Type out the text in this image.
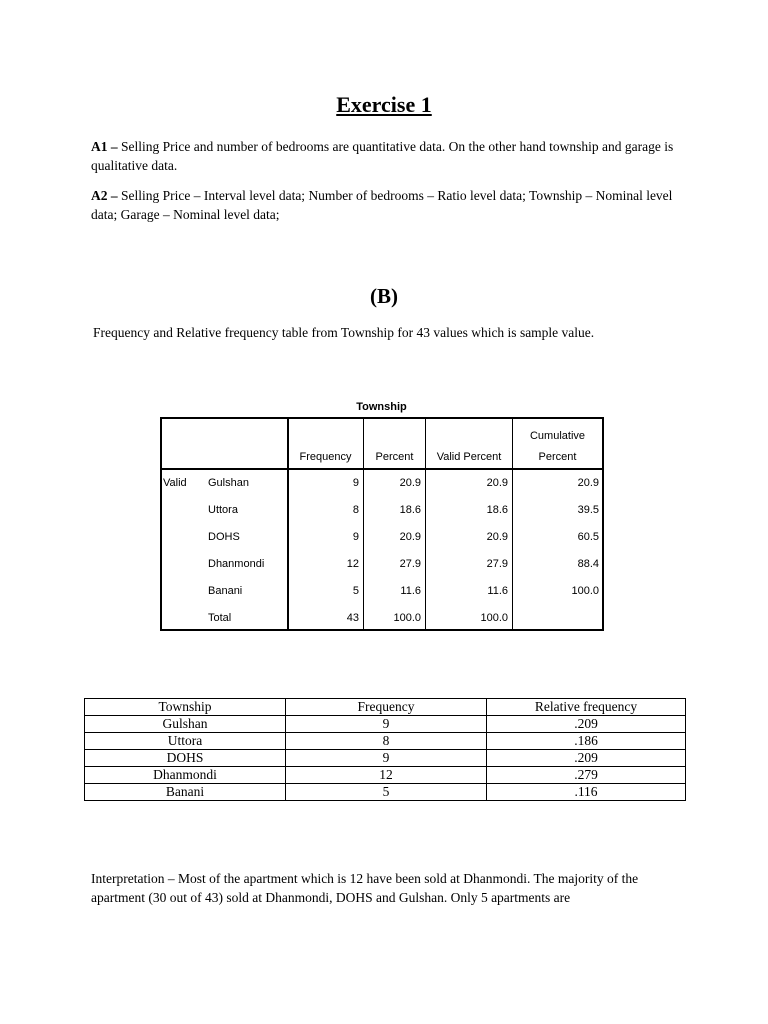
Exercise 1

A1 – Selling Price and number of bedrooms are quantitative data. On the other hand township and garage is qualitative data.

A2 – Selling Price – Interval level data; Number of bedrooms – Ratio level data; Township – Nominal level data; Garage – Nominal level data;

(B)

Frequency and Relative frequency table from Township for 43 values which is sample value.

Township
Frequency	Percent	Valid Percent
Cumulative
Percent
Valid Gulshan	9	20.9	20.9	20.9
Uttora	8	18.6	18.6	39.5
DOHS	9	20.9	20.9	60.5
Dhanmondi	12	27.9	27.9	88.4
Banani	5	11.6	11.6	100.0
Total	43	100.0	100.0
Township	Frequency	Relative frequency
Gulshan	9	.209
Uttora	8	.186
DOHS	9	.209
Dhanmondi	12	.279
Banani	5	.116

Interpretation – Most of the apartment which is 12 have been sold at Dhanmondi. The majority of the apartment (30 out of 43) sold at Dhanmondi, DOHS and Gulshan. Only 5 apartments are
